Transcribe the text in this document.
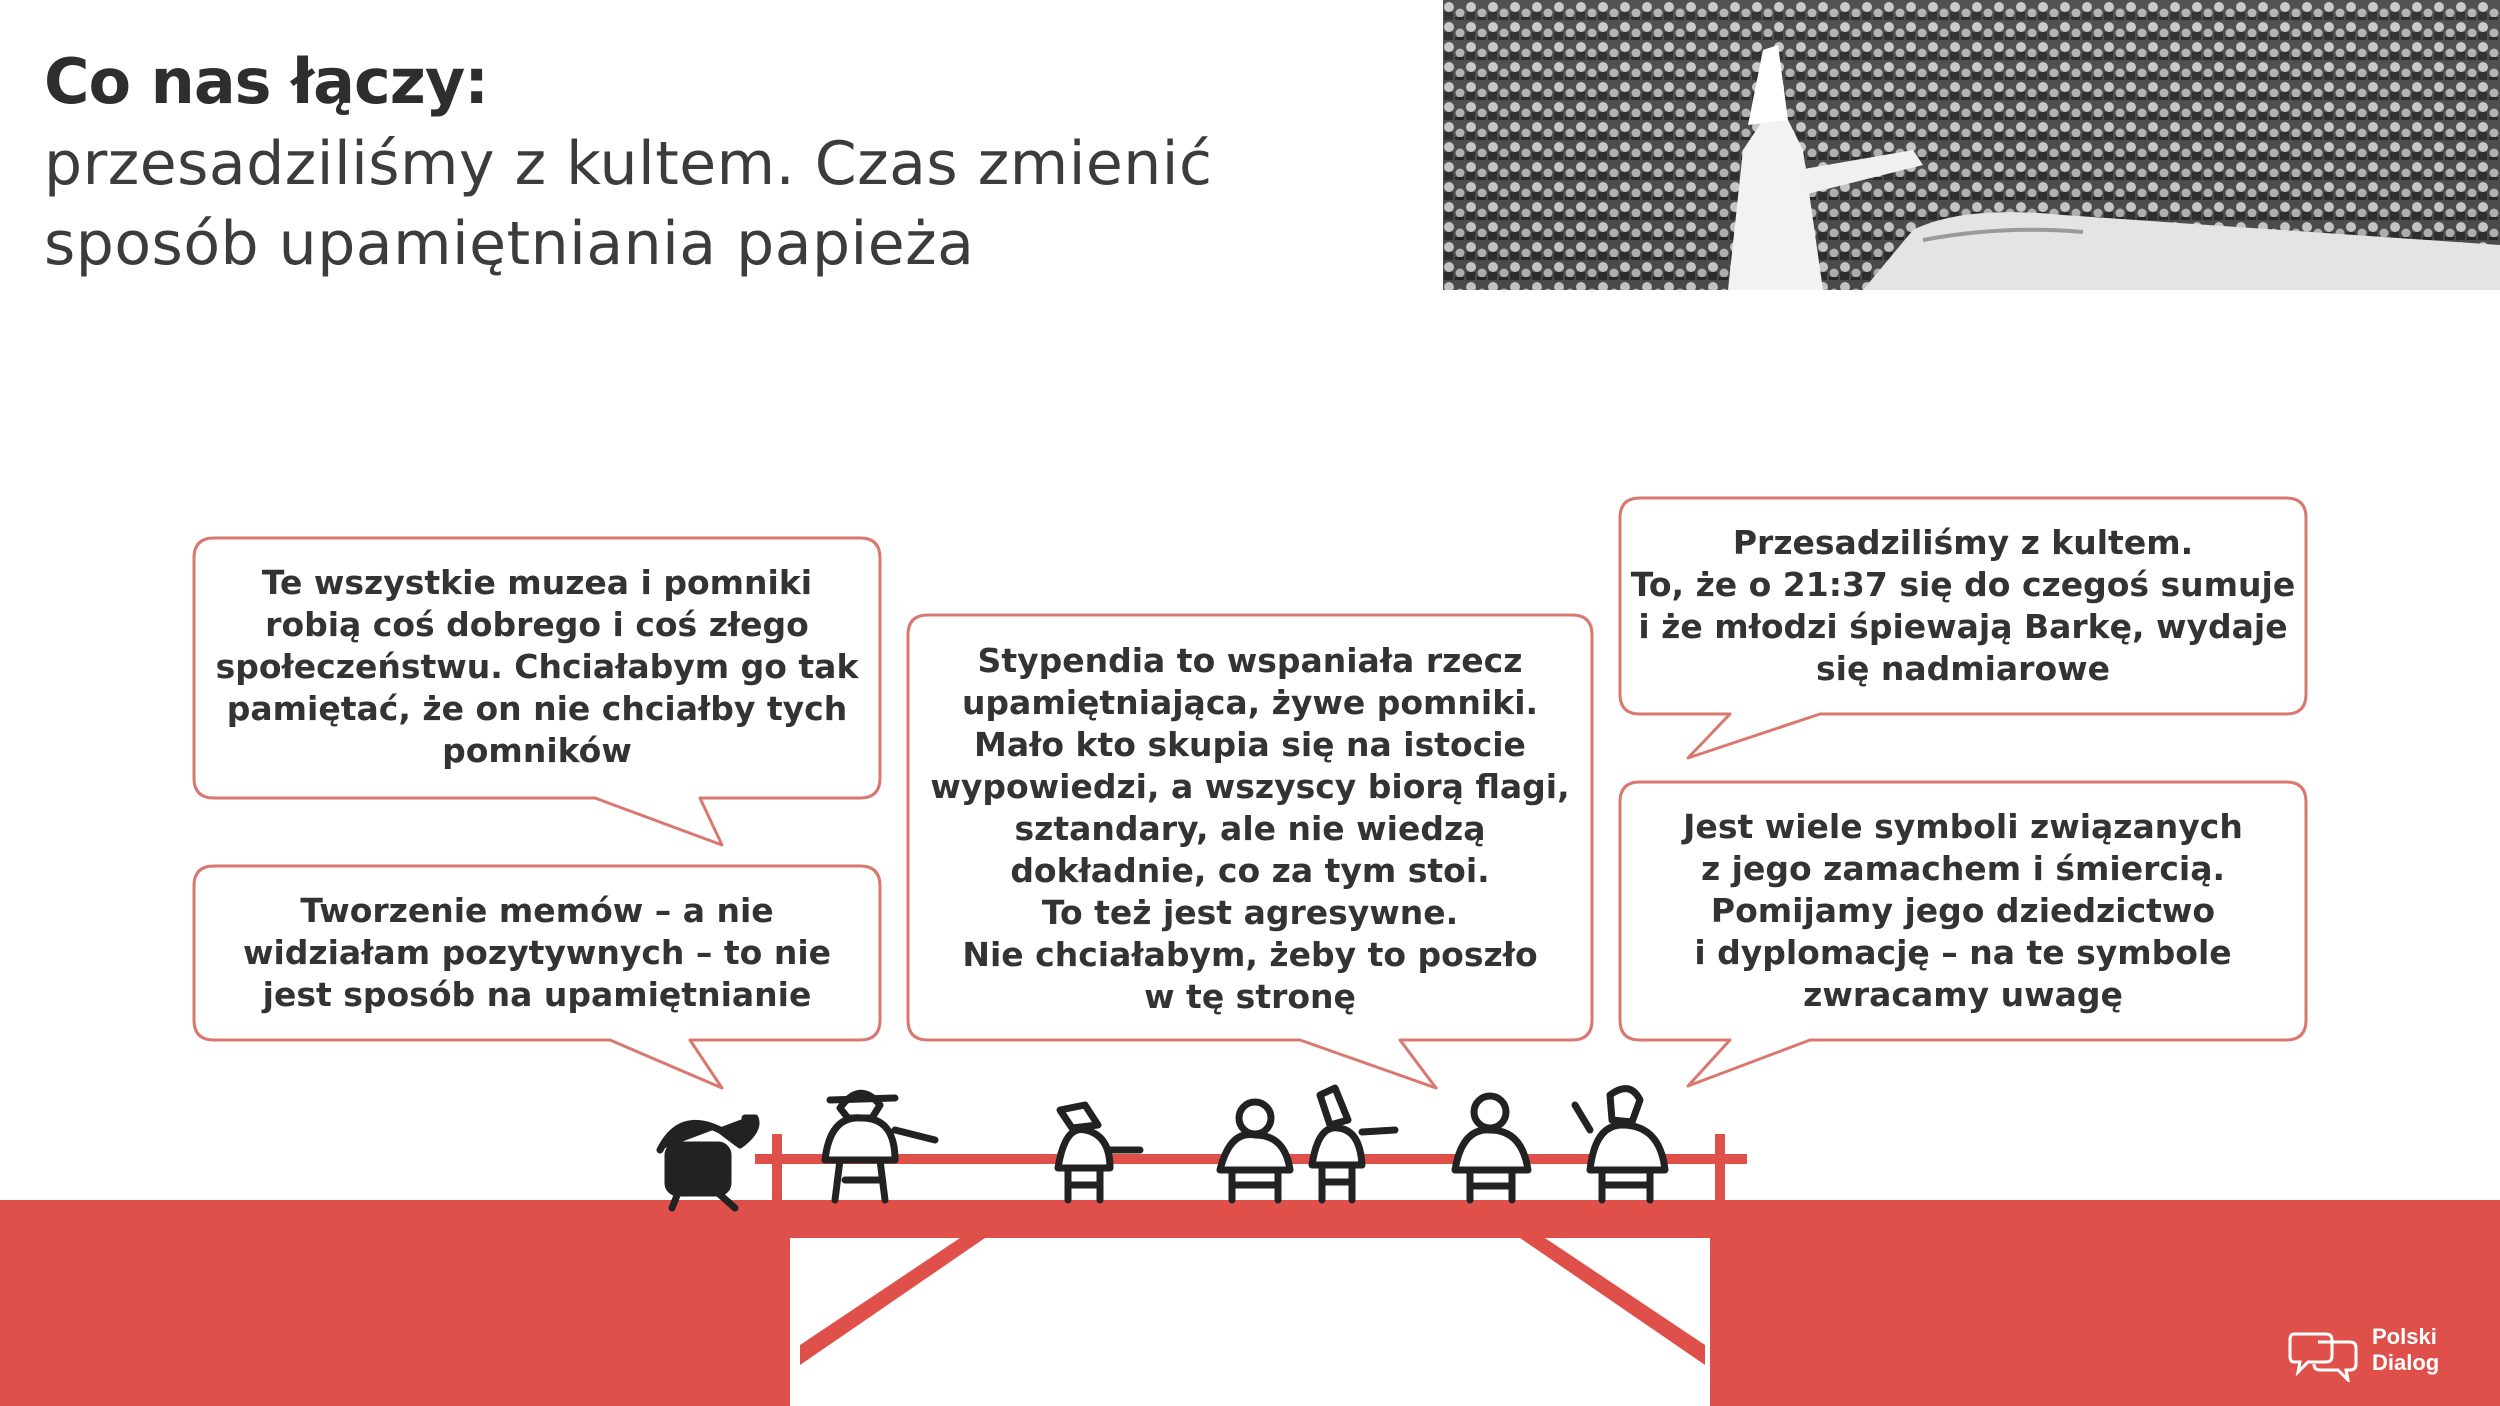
Co nas łączy:
przesadziliśmy z kultem. Czas zmienić
sposób upamiętniania papieża

Te wszystkie muzea i pomniki
robią coś dobrego i coś złego
społeczeństwu. Chciałabym go tak
pamiętać, że on nie chciałby tych
pomników

Tworzenie memów – a nie
widziałam pozytywnych – to nie
jest sposób na upamiętnianie

Stypendia to wspaniała rzecz
upamiętniająca, żywe pomniki.
Mało kto skupia się na istocie
wypowiedzi, a wszyscy biorą flagi,
sztandary, ale nie wiedzą
dokładnie, co za tym stoi.
To też jest agresywne.
Nie chciałabym, żeby to poszło
w tę stronę

Przesadziliśmy z kultem.
To, że o 21:37 się do czegoś sumuje
i że młodzi śpiewają Barkę, wydaje
się nadmiarowe

Jest wiele symboli związanych
z jego zamachem i śmiercią.
Pomijamy jego dziedzictwo
i dyplomację – na te symbole
zwracamy uwagę

Polski
Dialog
